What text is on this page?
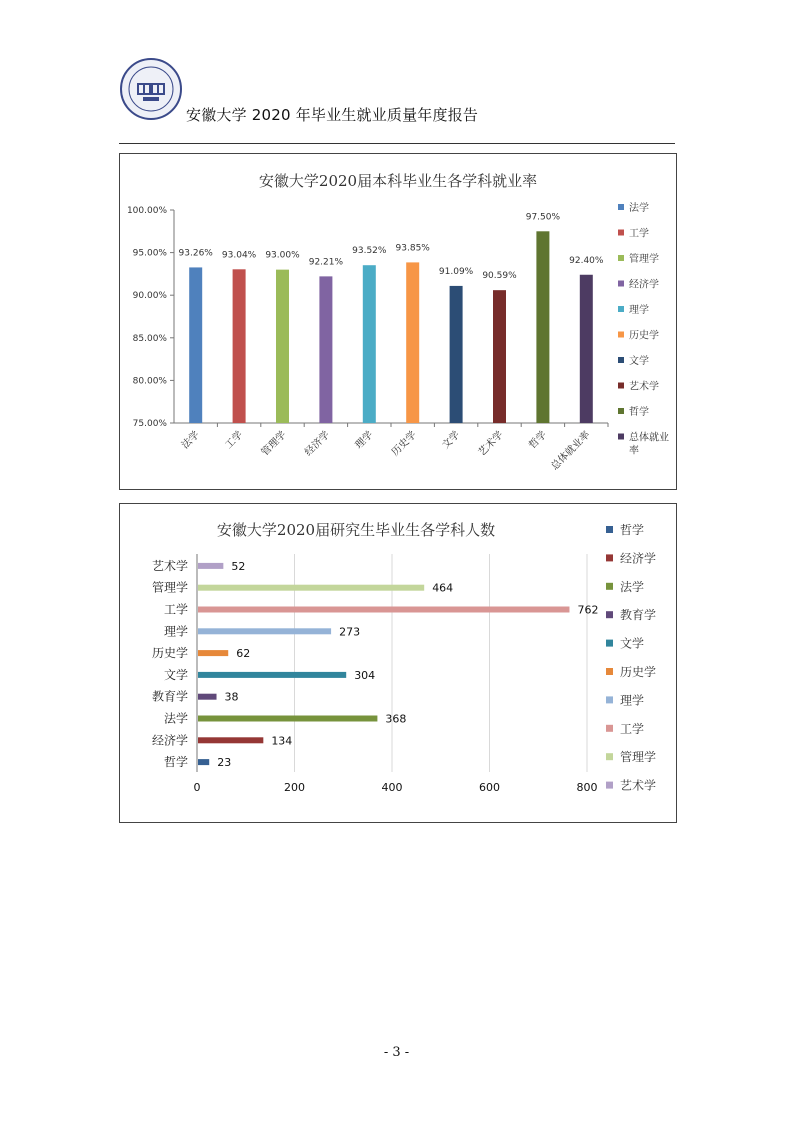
安徽大学 2020 年毕业生就业质量年度报告
安徽大学2020届本科毕业生各学科就业率
100.00%
95.00%
90.00%
85.00%
80.00%
75.00%
93.26%
法学
93.04%
工学
93.00%
管理学
92.21%
经济学
93.52%
理学
93.85%
历史学
91.09%
文学
90.59%
艺术学
97.50%
哲学
92.40%
总体就业率
法学
工学
管理学
经济学
理学
历史学
文学
艺术学
哲学
总体就业
率
安徽大学2020届研究生毕业生各学科人数
0	200	400	600	800
52
艺术学
464
管理学
762
工学
273
理学
62
历史学
304
文学
38
教育学
368
法学
134
经济学
23
哲学
哲学
经济学
法学
教育学
文学
历史学
理学
工学
管理学
艺术学
- 3 -
